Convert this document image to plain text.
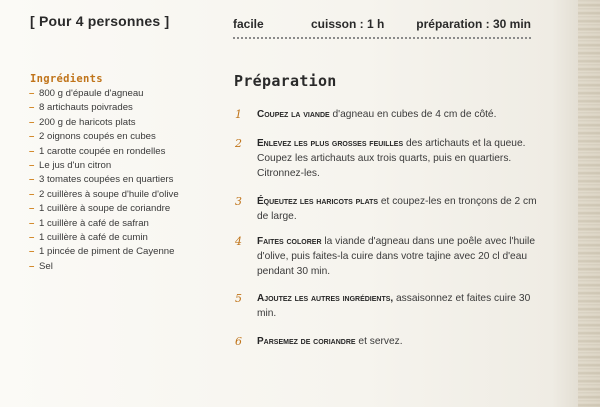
[ Pour 4 personnes ]	facile	cuisson : 1 h	préparation : 30 min
Ingrédients
– 800 g d'épaule d'agneau
– 8 artichauts poivrades
– 200 g de haricots plats
– 2 oignons coupés en cubes
– 1 carotte coupée en rondelles
– Le jus d'un citron
– 3 tomates coupées en quartiers
– 2 cuillères à soupe d'huile d'olive
– 1 cuillère à soupe de coriandre
– 1 cuillère à café de safran
– 1 cuillère à café de cumin
– 1 pincée de piment de Cayenne
– Sel
Préparation
1 Coupez la viande d'agneau en cubes de 4 cm de côté.
2 Enlevez les plus grosses feuilles des artichauts et la queue. Coupez les artichauts aux trois quarts, puis en quartiers. Citronnez-les.
3 Équeutez les haricots plats et coupez-les en tronçons de 2 cm de large.
4 Faites colorer la viande d'agneau dans une poêle avec l'huile d'olive, puis faites-la cuire dans votre tajine avec 20 cl d'eau pendant 30 min.
5 Ajoutez les autres ingrédients, assaisonnez et faites cuire 30 min.
6 Parsemez de coriandre et servez.
